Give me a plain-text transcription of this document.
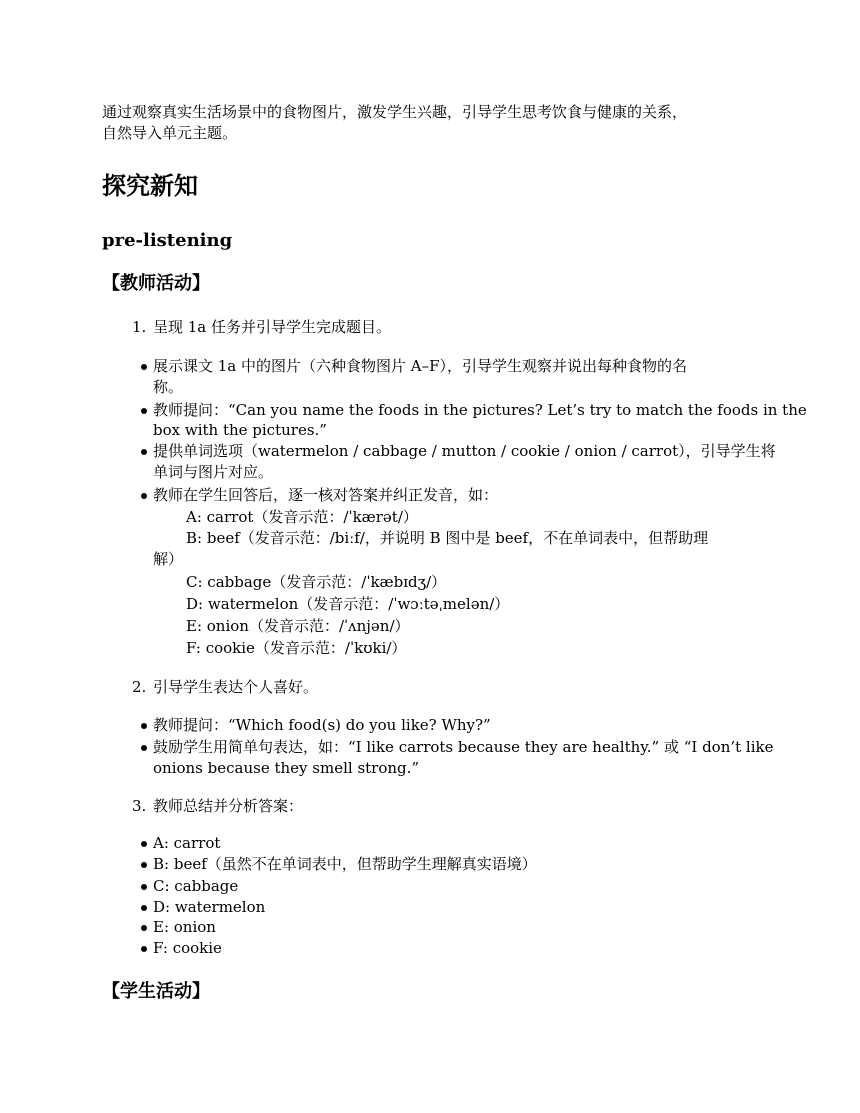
通过观察真实生活场景中的食物图片，激发学生兴趣，引导学生思考饮食与健康的关系，
自然导入单元主题。
探究新知
pre-listening
【教师活动】
1. 呈现 1a 任务并引导学生完成题目。
展示课文 1a 中的图片（六种食物图片 A–F），引导学生观察并说出每种食物的名
称。
教师提问：“Can you name the foods in the pictures? Let’s try to match the foods in the
box with the pictures.”
提供单词选项（watermelon / cabbage / mutton / cookie / onion / carrot），引导学生将
单词与图片对应。
教师在学生回答后，逐一核对答案并纠正发音，如：
A: carrot（发音示范：/ˈkærət/）
B: beef（发音示范：/biːf/，并说明 B 图中是 beef，不在单词表中，但帮助理
解）
C: cabbage（发音示范：/ˈkæbɪdʒ/）
D: watermelon（发音示范：/ˈwɔːtəˌmelən/）
E: onion（发音示范：/ˈʌnjən/）
F: cookie（发音示范：/ˈkʊki/）
2. 引导学生表达个人喜好。
教师提问：“Which food(s) do you like? Why?”
鼓励学生用简单句表达，如：“I like carrots because they are healthy.” 或 “I don’t like
onions because they smell strong.”
3. 教师总结并分析答案：
A: carrot
B: beef（虽然不在单词表中，但帮助学生理解真实语境）
C: cabbage
D: watermelon
E: onion
F: cookie
【学生活动】
